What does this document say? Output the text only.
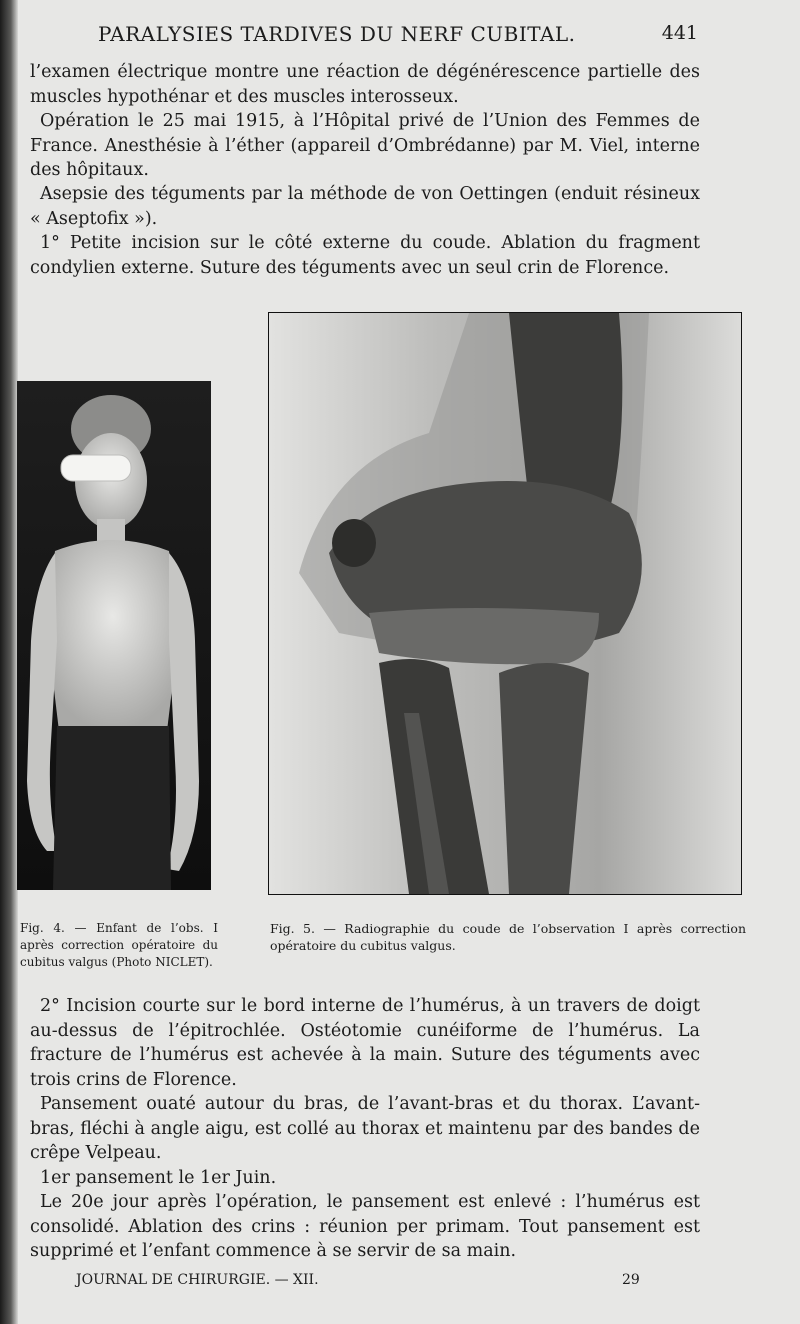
PARALYSIES TARDIVES DU NERF CUBITAL.	441

l’examen électrique montre une réaction de dégénérescence partielle des muscles hypothénar et des muscles interosseux.

Opération le 25 mai 1915, à l’Hôpital privé de l’Union des Femmes de France. Anesthésie à l’éther (appareil d’Ombrédanne) par M. Viel, interne des hôpitaux.

Asepsie des téguments par la méthode de von Oettingen (enduit résineux « Aseptofix »).

1° Petite incision sur le côté externe du coude. Ablation du fragment condylien externe. Suture des téguments avec un seul crin de Florence.

Fig. 4. — Enfant de l’obs. I après correction opératoire du cubitus valgus (Photo NICLET).

Fig. 5. — Radiographie du coude de l’observation I après correction opératoire du cubitus valgus.

2° Incision courte sur le bord interne de l’humérus, à un travers de doigt au-dessus de l’épitrochlée. Ostéotomie cunéiforme de l’humérus. La fracture de l’humérus est achevée à la main. Suture des téguments avec trois crins de Florence.

Pansement ouaté autour du bras, de l’avant-bras et du thorax. L’avant-bras, fléchi à angle aigu, est collé au thorax et maintenu par des bandes de crêpe Velpeau.

1er pansement le 1er Juin.

Le 20e jour après l’opération, le pansement est enlevé : l’humérus est consolidé. Ablation des crins : réunion per primam. Tout pansement est supprimé et l’enfant commence à se servir de sa main.

JOURNAL DE CHIRURGIE. — XII.	29
